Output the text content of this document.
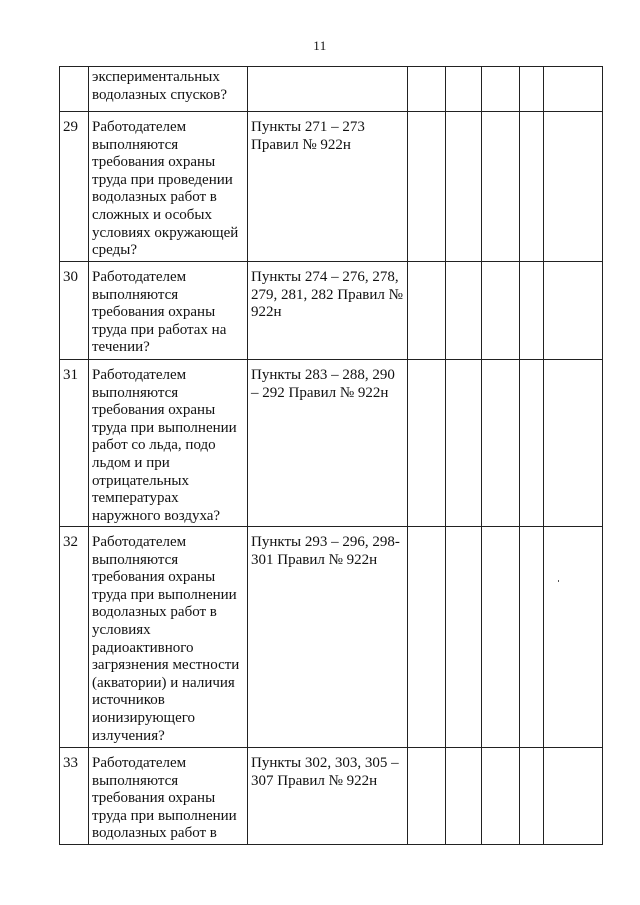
11
	экспериментальных водолазных спусков?						
29	Работодателем выполняются требования охраны труда при проведении водолазных работ в сложных и особых условиях окружающей среды?	Пункты 271 – 273 Правил № 922н					
30	Работодателем выполняются требования охраны труда при работах на течении?	Пункты 274 – 276, 278, 279, 281, 282 Правил № 922н					
31	Работодателем выполняются требования охраны труда при выполнении работ со льда, подо льдом и при отрицательных температурах наружного воздуха?	Пункты 283 – 288, 290 – 292 Правил № 922н					
32	Работодателем выполняются требования охраны труда при выполнении водолазных работ в условиях радиоактивного загрязнения местности (акватории) и наличия источников ионизирующего излучения?	Пункты 293 – 296, 298-301 Правил № 922н					
33	Работодателем выполняются требования охраны труда при выполнении водолазных работ в	Пункты 302, 303, 305 – 307 Правил № 922н					
